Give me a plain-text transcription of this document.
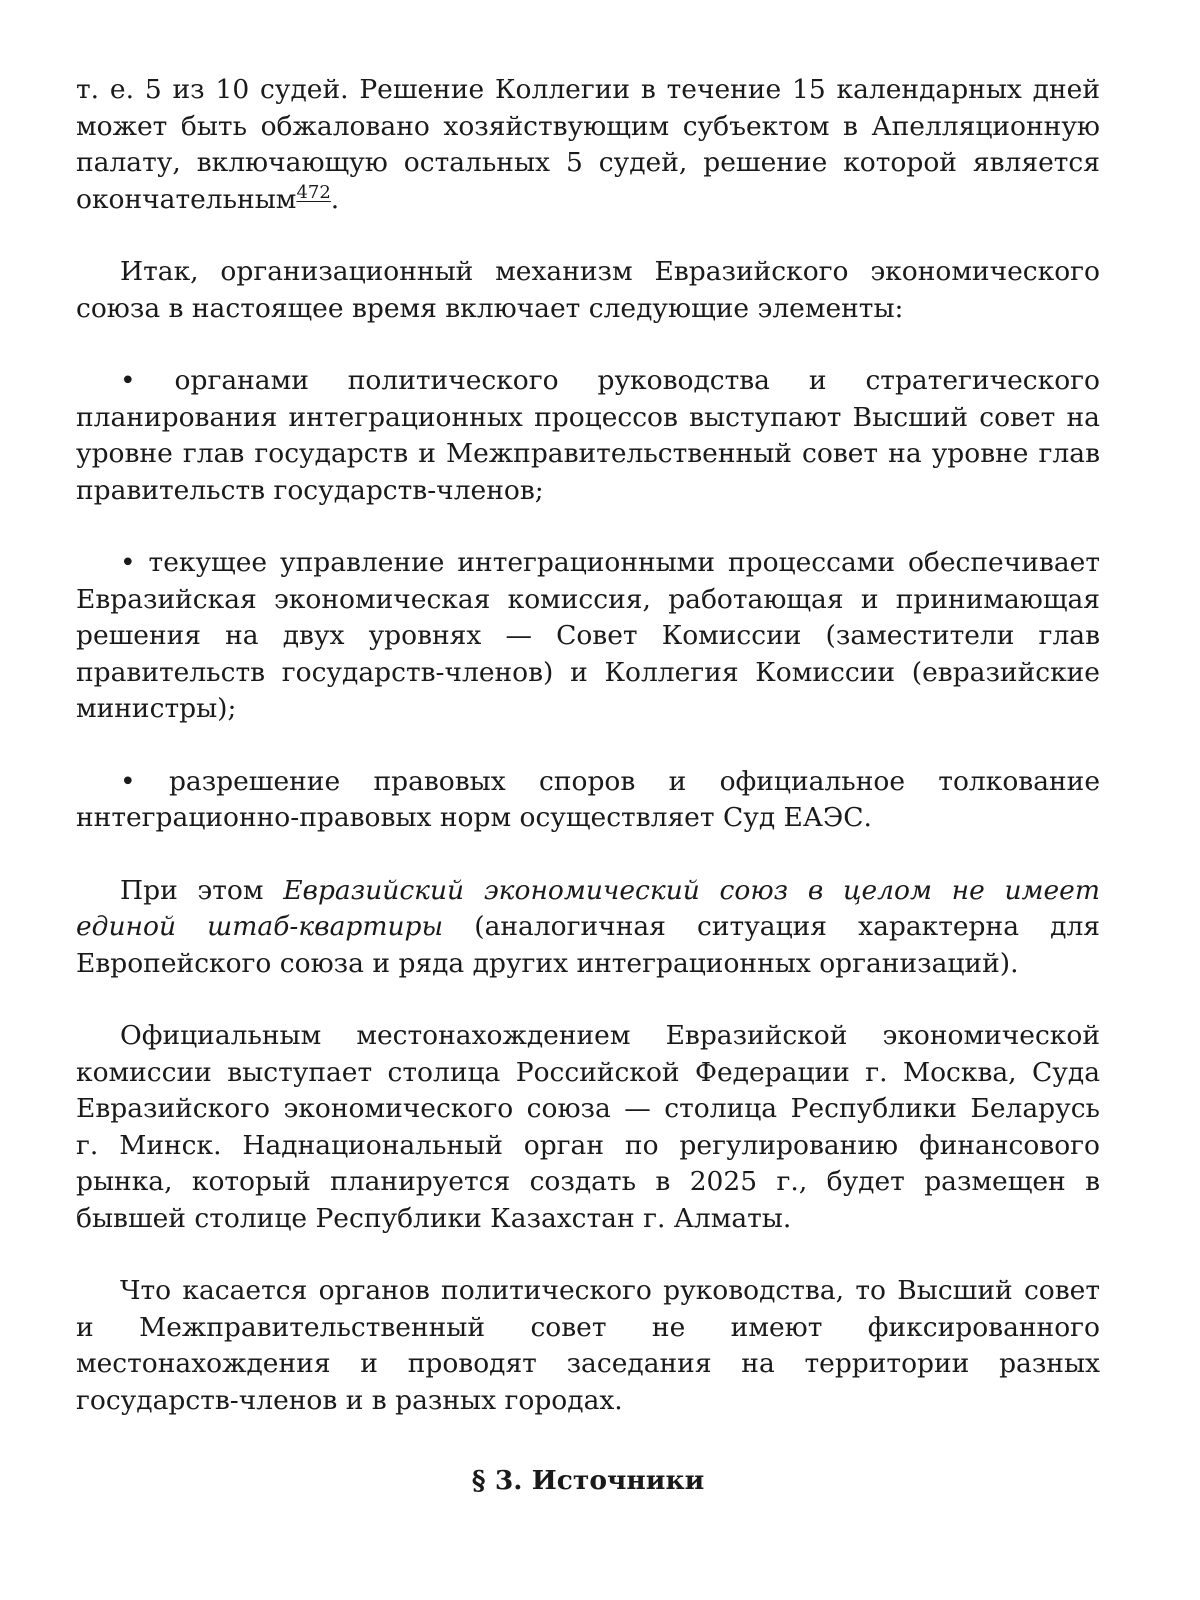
т. е. 5 из 10 судей. Решение Коллегии в течение 15 календарных дней может быть обжаловано хозяйствующим субъектом в Апелляционную палату, включающую остальных 5 судей, решение которой является окончательным$^{472}$.

Итак, организационный механизм Евразийского экономического союза в настоящее время включает следующие элементы:

• органами политического руководства и стратегического планирования интеграционных процессов выступают Высший совет на уровне глав государств и Межправительственный совет на уровне глав правительств государств-членов;

• текущее управление интеграционными процессами обеспечивает Евразийская экономическая комиссия, работающая и принимающая решения на двух уровнях — Совет Комиссии (заместители глав правительств государств-членов) и Коллегия Комиссии (евразийские министры);

• разрешение правовых споров и официальное толкование ннтеграционно-правовых норм осуществляет Суд ЕАЭС.

При этом Евразийский экономический союз в целом не имеет единой штаб-квартиры (аналогичная ситуация характерна для Европейского союза и ряда других интеграционных организаций).

Официальным местонахождением Евразийской экономической комиссии выступает столица Российской Федерации г. Москва, Суда Евразийского экономического союза — столица Республики Беларусь г. Минск. Наднациональный орган по регулированию финансового рынка, который планируется создать в 2025 г., будет размещен в бывшей столице Республики Казахстан г. Алматы.

Что касается органов политического руководства, то Высший совет и Межправительственный совет не имеют фиксированного местонахождения и проводят заседания на территории разных государств-членов и в разных городах.

§ 3. Источники
